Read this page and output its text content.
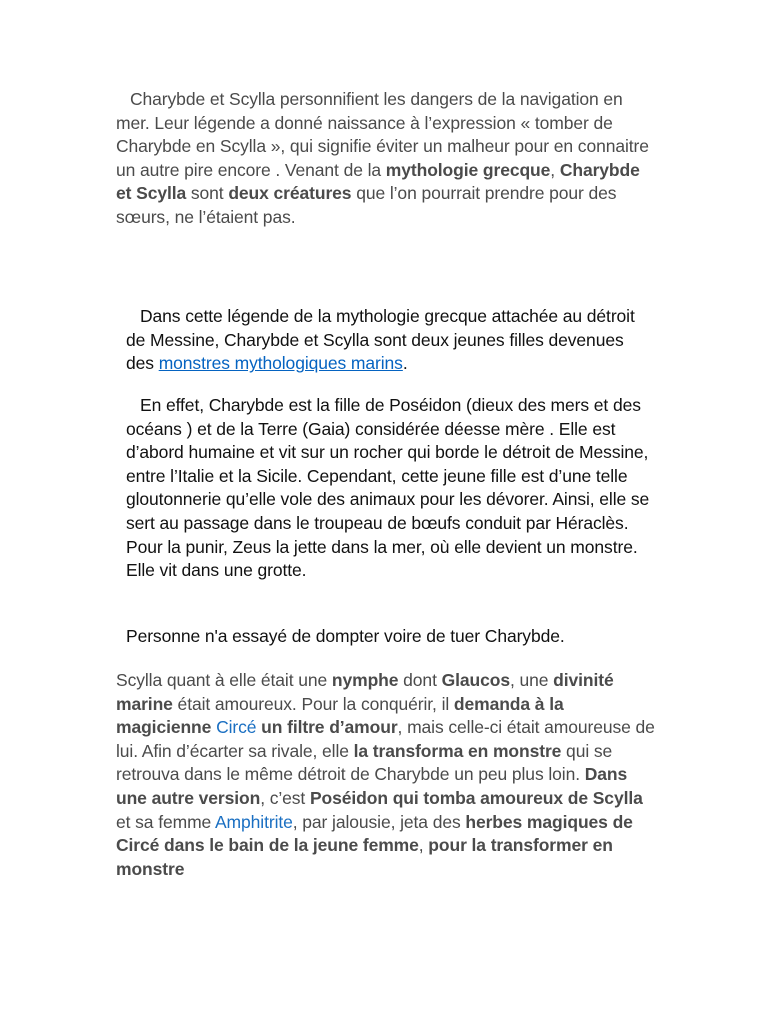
Charybde et Scylla personnifient les dangers de la navigation en mer. Leur légende a donné naissance à l’expression « tomber de Charybde en Scylla », qui signifie éviter un malheur pour en connaitre un autre pire encore . Venant de la mythologie grecque, Charybde et Scylla sont deux créatures que l’on pourrait prendre pour des sœurs, ne l’étaient pas.

Dans cette légende de la mythologie grecque attachée au détroit de Messine, Charybde et Scylla sont deux jeunes filles devenues des monstres mythologiques marins.

En effet, Charybde est la fille de Poséidon (dieux des mers et des océans ) et de la Terre (Gaia) considérée déesse mère . Elle est d’abord humaine et vit sur un rocher qui borde le détroit de Messine, entre l’Italie et la Sicile. Cependant, cette jeune fille est d’une telle gloutonnerie qu’elle vole des animaux pour les dévorer. Ainsi, elle se sert au passage dans le troupeau de bœufs conduit par Héraclès. Pour la punir, Zeus la jette dans la mer, où elle devient un monstre. Elle vit dans une grotte.

Personne n'a essayé de dompter voire de tuer Charybde.

Scylla quant à elle était une nymphe dont Glaucos, une divinité marine était amoureux. Pour la conquérir, il demanda à la magicienne Circé un filtre d’amour, mais celle-ci était amoureuse de lui. Afin d’écarter sa rivale, elle la transforma en monstre qui se retrouva dans le même détroit de Charybde un peu plus loin. Dans une autre version, c’est Poséidon qui tomba amoureux de Scylla et sa femme Amphitrite, par jalousie, jeta des herbes magiques de Circé dans le bain de la jeune femme, pour la transformer en monstre
